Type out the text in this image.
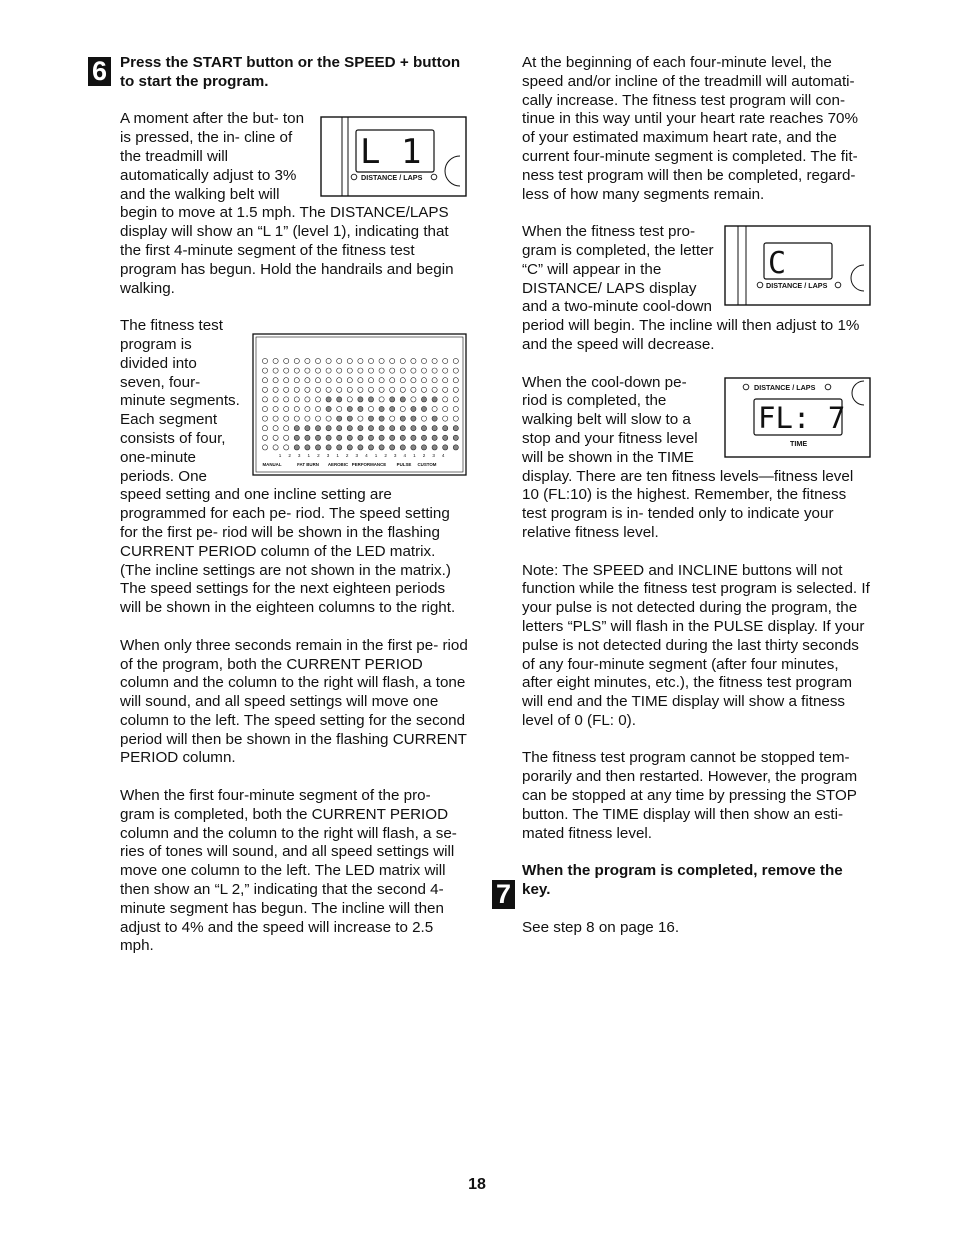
6
7

Press the START button or the SPEED + button to start the program.

L 1
DISTANCE / LAPS

A moment after the but- ton is pressed, the in- cline of the treadmill will automatically adjust to 3% and the walking belt will begin to move at 1.5 mph. The DISTANCE/LAPS display will show an “L 1” (level 1), indicating that the first 4-minute segment of the fitness test program has begun. Hold the handrails and begin walking.

1 2 3 1 2 3 1 2 3 4 1 2 3 4 1 2 3 4
MANUAL	FAT BURN AEROBIC PERFORMANCE PULSE CUSTOM

The fitness test program is divided into seven, four-minute segments. Each segment consists of four, one-minute periods. One speed setting and one incline setting are programmed for each pe- riod. The speed setting for the first pe- riod will be shown in the flashing CURRENT PERIOD column of the LED matrix. (The incline settings are not shown in the matrix.) The speed settings for the next eighteen periods will be shown in the eighteen columns to the right.

When only three seconds remain in the first pe- riod of the program, both the CURRENT PERIOD column and the column to the right will flash, a tone will sound, and all speed settings will move one column to the left. The speed setting for the second period will then be shown in the flashing CURRENT PERIOD column.

When the first four-minute segment of the pro- gram is completed, both the CURRENT PERIOD column and the column to the right will flash, a se- ries of tones will sound, and all speed settings will move one column to the left. The LED matrix will then show an “L 2,” indicating that the second 4- minute segment has begun. The incline will then adjust to 4% and the speed will increase to 2.5 mph.

At the beginning of each four-minute level, the speed and/or incline of the treadmill will automati- cally increase. The fitness test program will con- tinue in this way until your heart rate reaches 70% of your estimated maximum heart rate, and the current four-minute segment is completed. The fit- ness test program will then be completed, regard- less of how many segments remain.

C
DISTANCE / LAPS

When the fitness test pro- gram is completed, the letter “C” will appear in the DISTANCE/ LAPS display and a two-minute cool-down period will begin. The incline will then adjust to 1% and the speed will decrease.

DISTANCE / LAPS
FL: 7
TIME

When the cool-down pe- riod is completed, the walking belt will slow to a stop and your fitness level will be shown in the TIME display. There are ten fitness levels—fitness level 10 (FL:10) is the highest. Remember, the fitness test program is in- tended only to indicate your relative fitness level.

Note: The SPEED and INCLINE buttons will not function while the fitness test program is selected. If your pulse is not detected during the program, the letters “PLS” will flash in the PULSE display. If your pulse is not detected during the last thirty seconds of any four-minute segment (after four minutes, after eight minutes, etc.), the fitness test program will end and the TIME display will show a fitness level of 0 (FL: 0).

The fitness test program cannot be stopped tem- porarily and then restarted. However, the program can be stopped at any time by pressing the STOP button. The TIME display will then show an esti- mated fitness level.

When the program is completed, remove the key.

See step 8 on page 16.

18
